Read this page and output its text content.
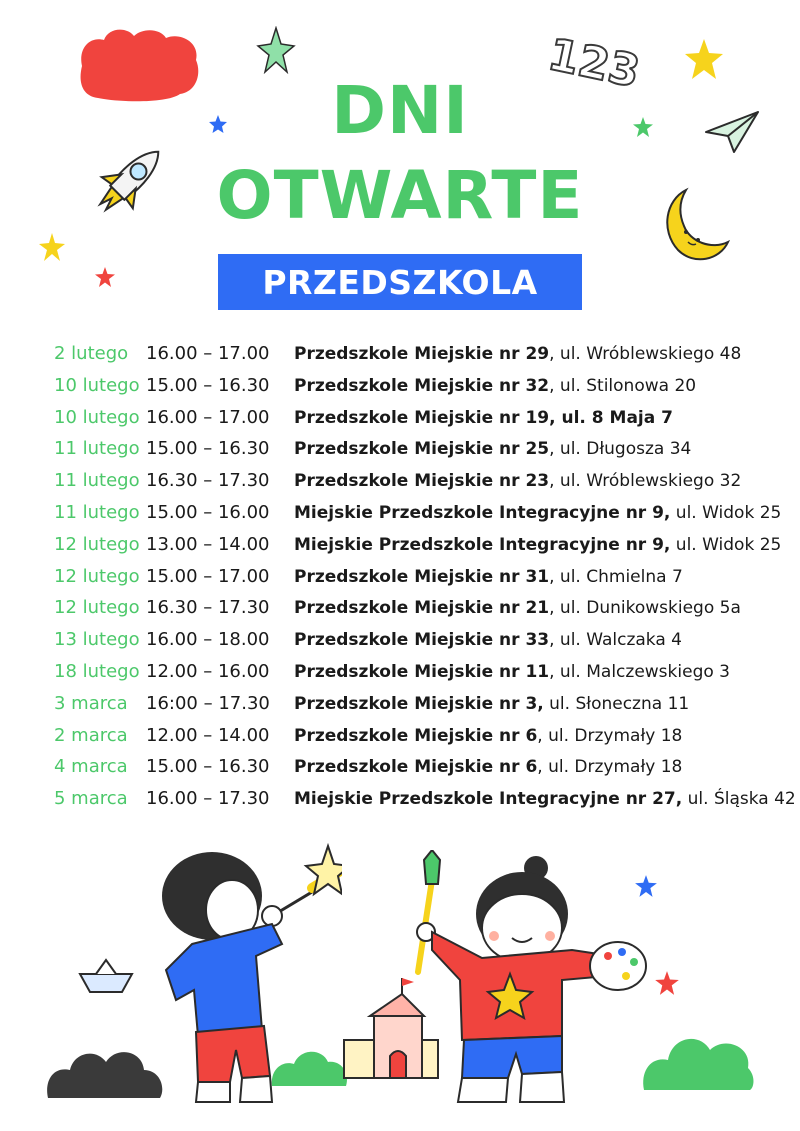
123
DNI
OTWARTE
PRZEDSZKOLA
2 lutego 16.00 – 17.00 Przedszkole Miejskie nr 29, ul. Wróblewskiego 48
10 lutego 15.00 – 16.30 Przedszkole Miejskie nr 32, ul. Stilonowa 20
10 lutego 16.00 – 17.00 Przedszkole Miejskie nr 19, ul. 8 Maja 7
11 lutego 15.00 – 16.30 Przedszkole Miejskie nr 25, ul. Długosza 34
11 lutego 16.30 – 17.30 Przedszkole Miejskie nr 23, ul. Wróblewskiego 32
11 lutego 15.00 – 16.00 Miejskie Przedszkole Integracyjne nr 9, ul. Widok 25
12 lutego 13.00 – 14.00 Miejskie Przedszkole Integracyjne nr 9, ul. Widok 25
12 lutego 15.00 – 17.00 Przedszkole Miejskie nr 31, ul. Chmielna 7
12 lutego 16.30 – 17.30 Przedszkole Miejskie nr 21, ul. Dunikowskiego 5a
13 lutego 16.00 – 18.00 Przedszkole Miejskie nr 33, ul. Walczaka 4
18 lutego 12.00 – 16.00 Przedszkole Miejskie nr 11, ul. Malczewskiego 3
3 marca 16:00 – 17.30 Przedszkole Miejskie nr 3, ul. Słoneczna 11
2 marca 12.00 – 14.00 Przedszkole Miejskie nr 6, ul. Drzymały 18
4 marca 15.00 – 16.30 Przedszkole Miejskie nr 6, ul. Drzymały 18
5 marca 16.00 – 17.30 Miejskie Przedszkole Integracyjne nr 27, ul. Śląska 42
